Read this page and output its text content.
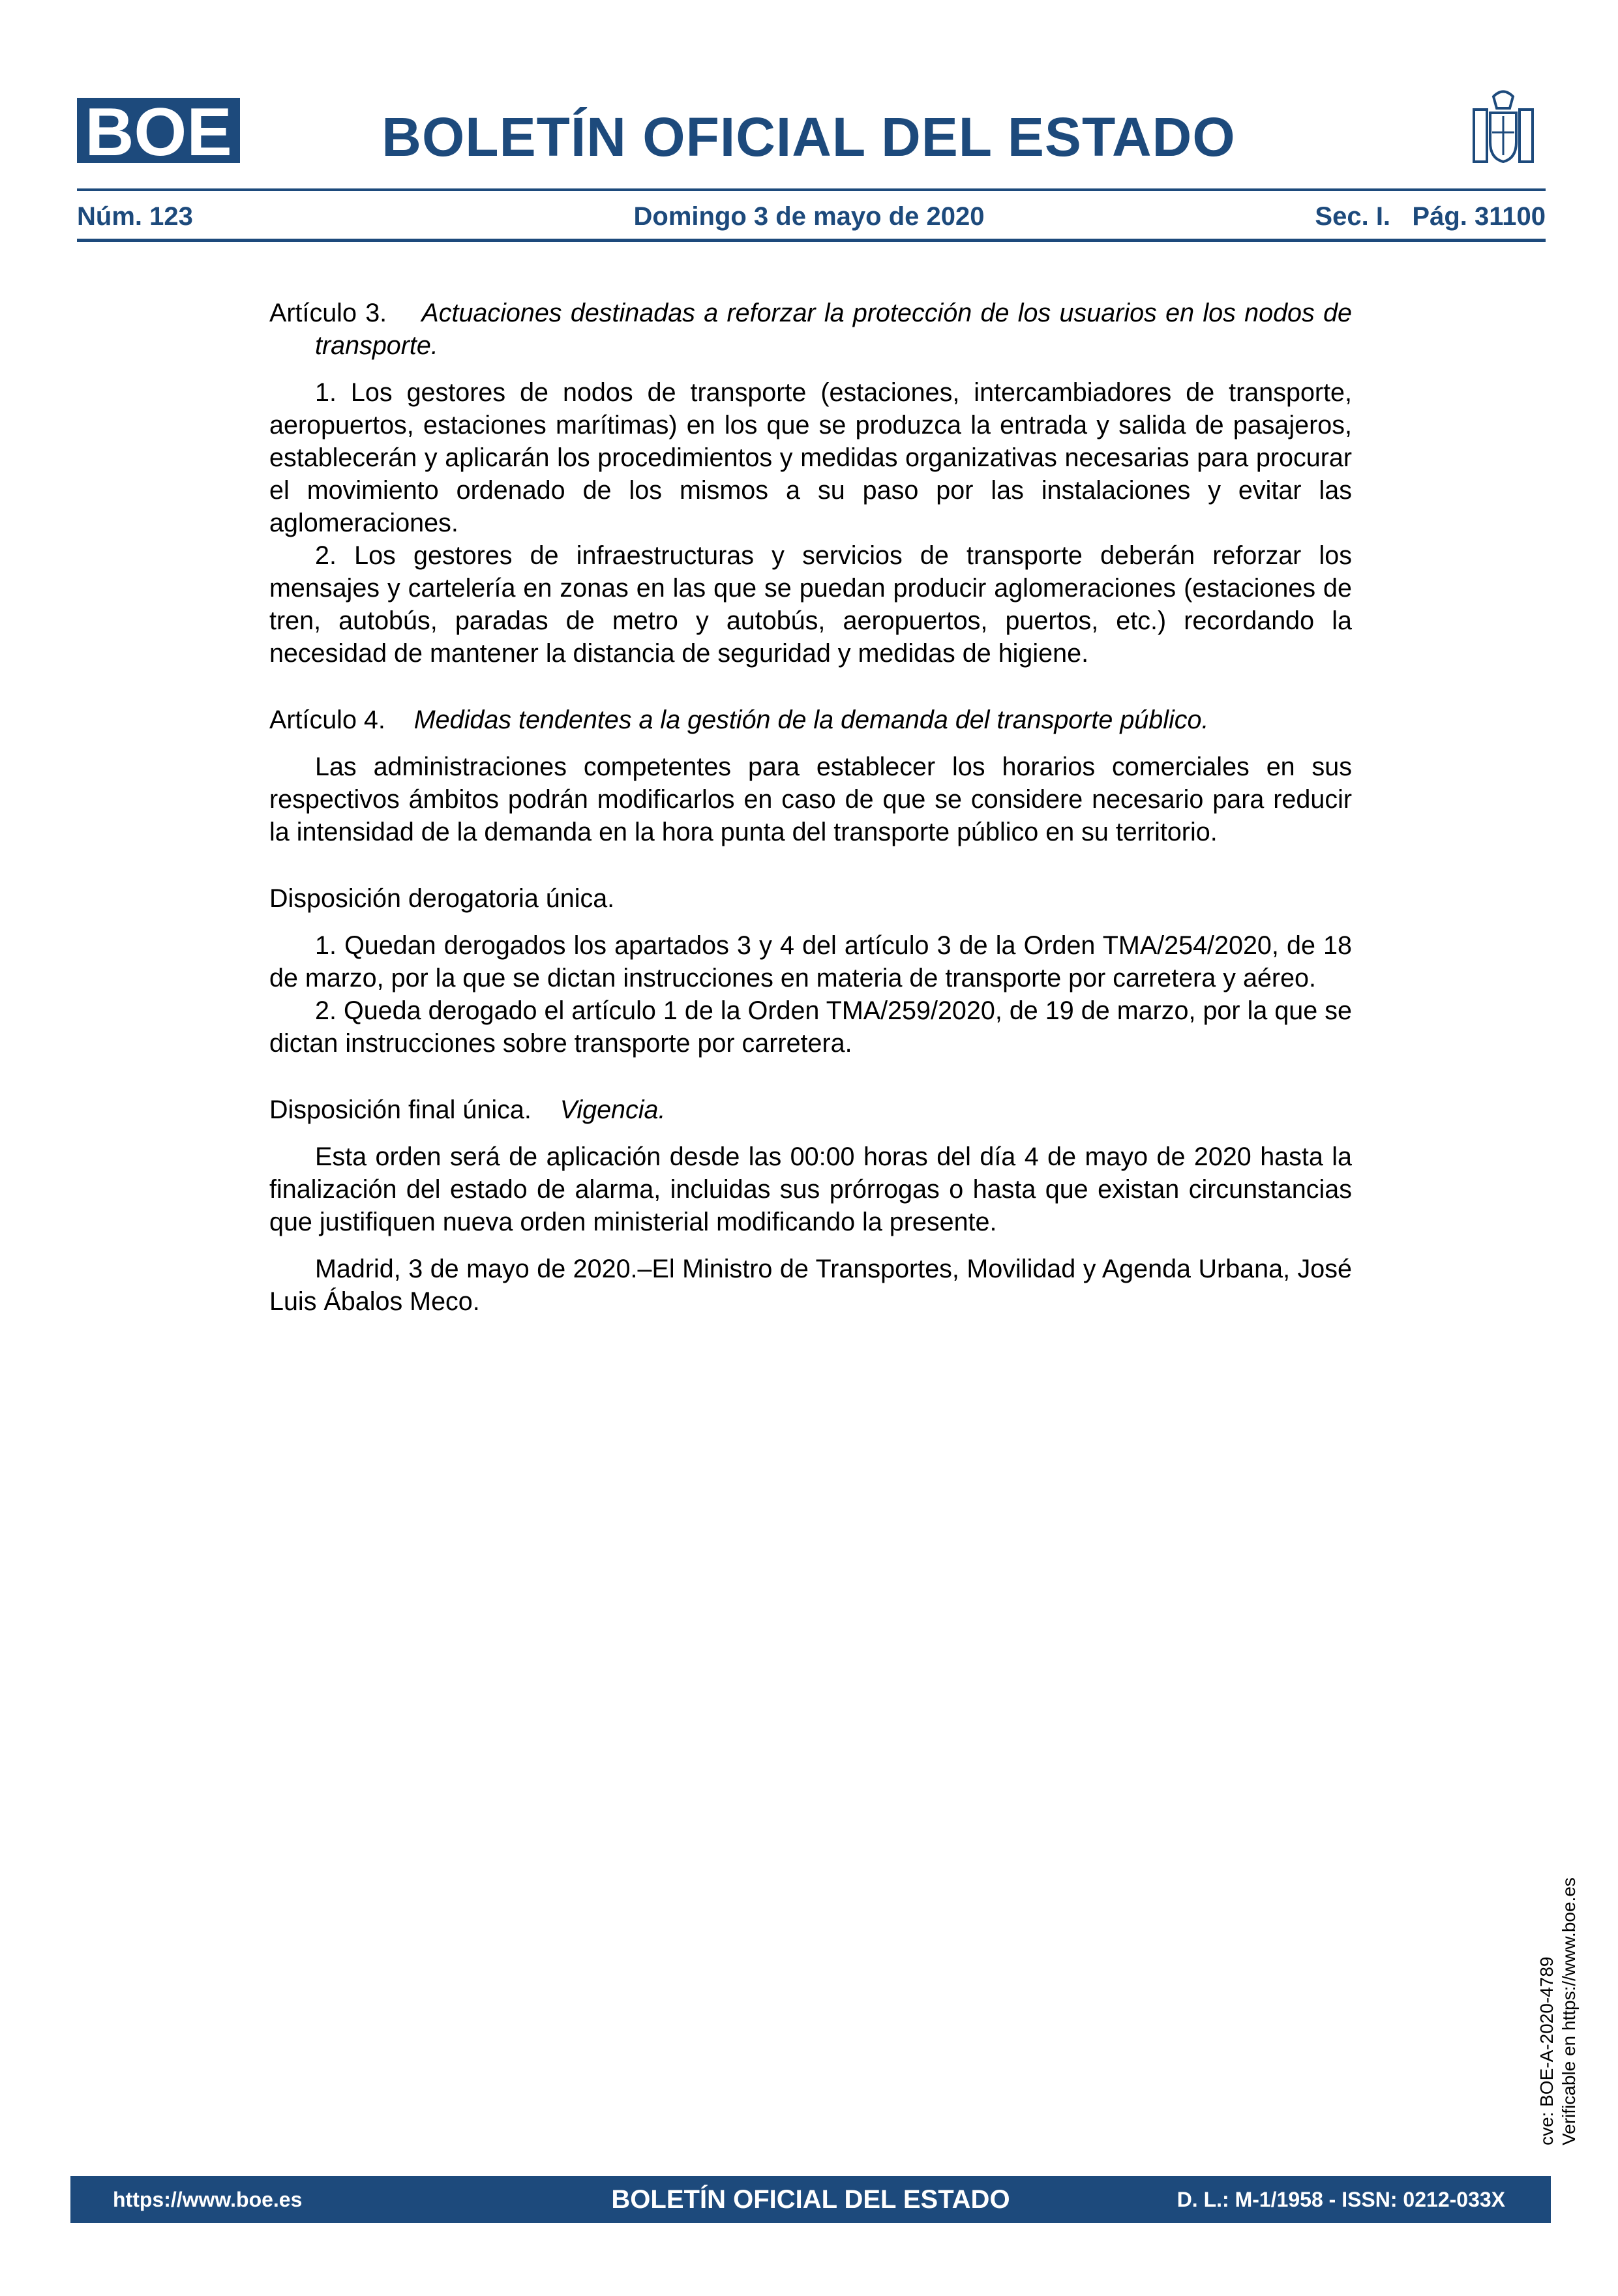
BOE	BOLETÍN OFICIAL DEL ESTADO
Núm. 123	Domingo 3 de mayo de 2020	Sec. I. Pág. 31100

Artículo 3. Actuaciones destinadas a reforzar la protección de los usuarios en los nodos de transporte.

1. Los gestores de nodos de transporte (estaciones, intercambiadores de transporte, aeropuertos, estaciones marítimas) en los que se produzca la entrada y salida de pasajeros, establecerán y aplicarán los procedimientos y medidas organizativas necesarias para procurar el movimiento ordenado de los mismos a su paso por las instalaciones y evitar las aglomeraciones.

2. Los gestores de infraestructuras y servicios de transporte deberán reforzar los mensajes y cartelería en zonas en las que se puedan producir aglomeraciones (estaciones de tren, autobús, paradas de metro y autobús, aeropuertos, puertos, etc.) recordando la necesidad de mantener la distancia de seguridad y medidas de higiene.

Artículo 4. Medidas tendentes a la gestión de la demanda del transporte público.

Las administraciones competentes para establecer los horarios comerciales en sus respectivos ámbitos podrán modificarlos en caso de que se considere necesario para reducir la intensidad de la demanda en la hora punta del transporte público en su territorio.

Disposición derogatoria única.

1. Quedan derogados los apartados 3 y 4 del artículo 3 de la Orden TMA/254/2020, de 18 de marzo, por la que se dictan instrucciones en materia de transporte por carretera y aéreo.

2. Queda derogado el artículo 1 de la Orden TMA/259/2020, de 19 de marzo, por la que se dictan instrucciones sobre transporte por carretera.

Disposición final única. Vigencia.

Esta orden será de aplicación desde las 00:00 horas del día 4 de mayo de 2020 hasta la finalización del estado de alarma, incluidas sus prórrogas o hasta que existan circunstancias que justifiquen nueva orden ministerial modificando la presente.

Madrid, 3 de mayo de 2020.–El Ministro de Transportes, Movilidad y Agenda Urbana, José Luis Ábalos Meco.

cve: BOE-A-2020-4789 Verificable en https://www.boe.es
https://www.boe.es	BOLETÍN OFICIAL DEL ESTADO	D. L.: M-1/1958 - ISSN: 0212-033X
